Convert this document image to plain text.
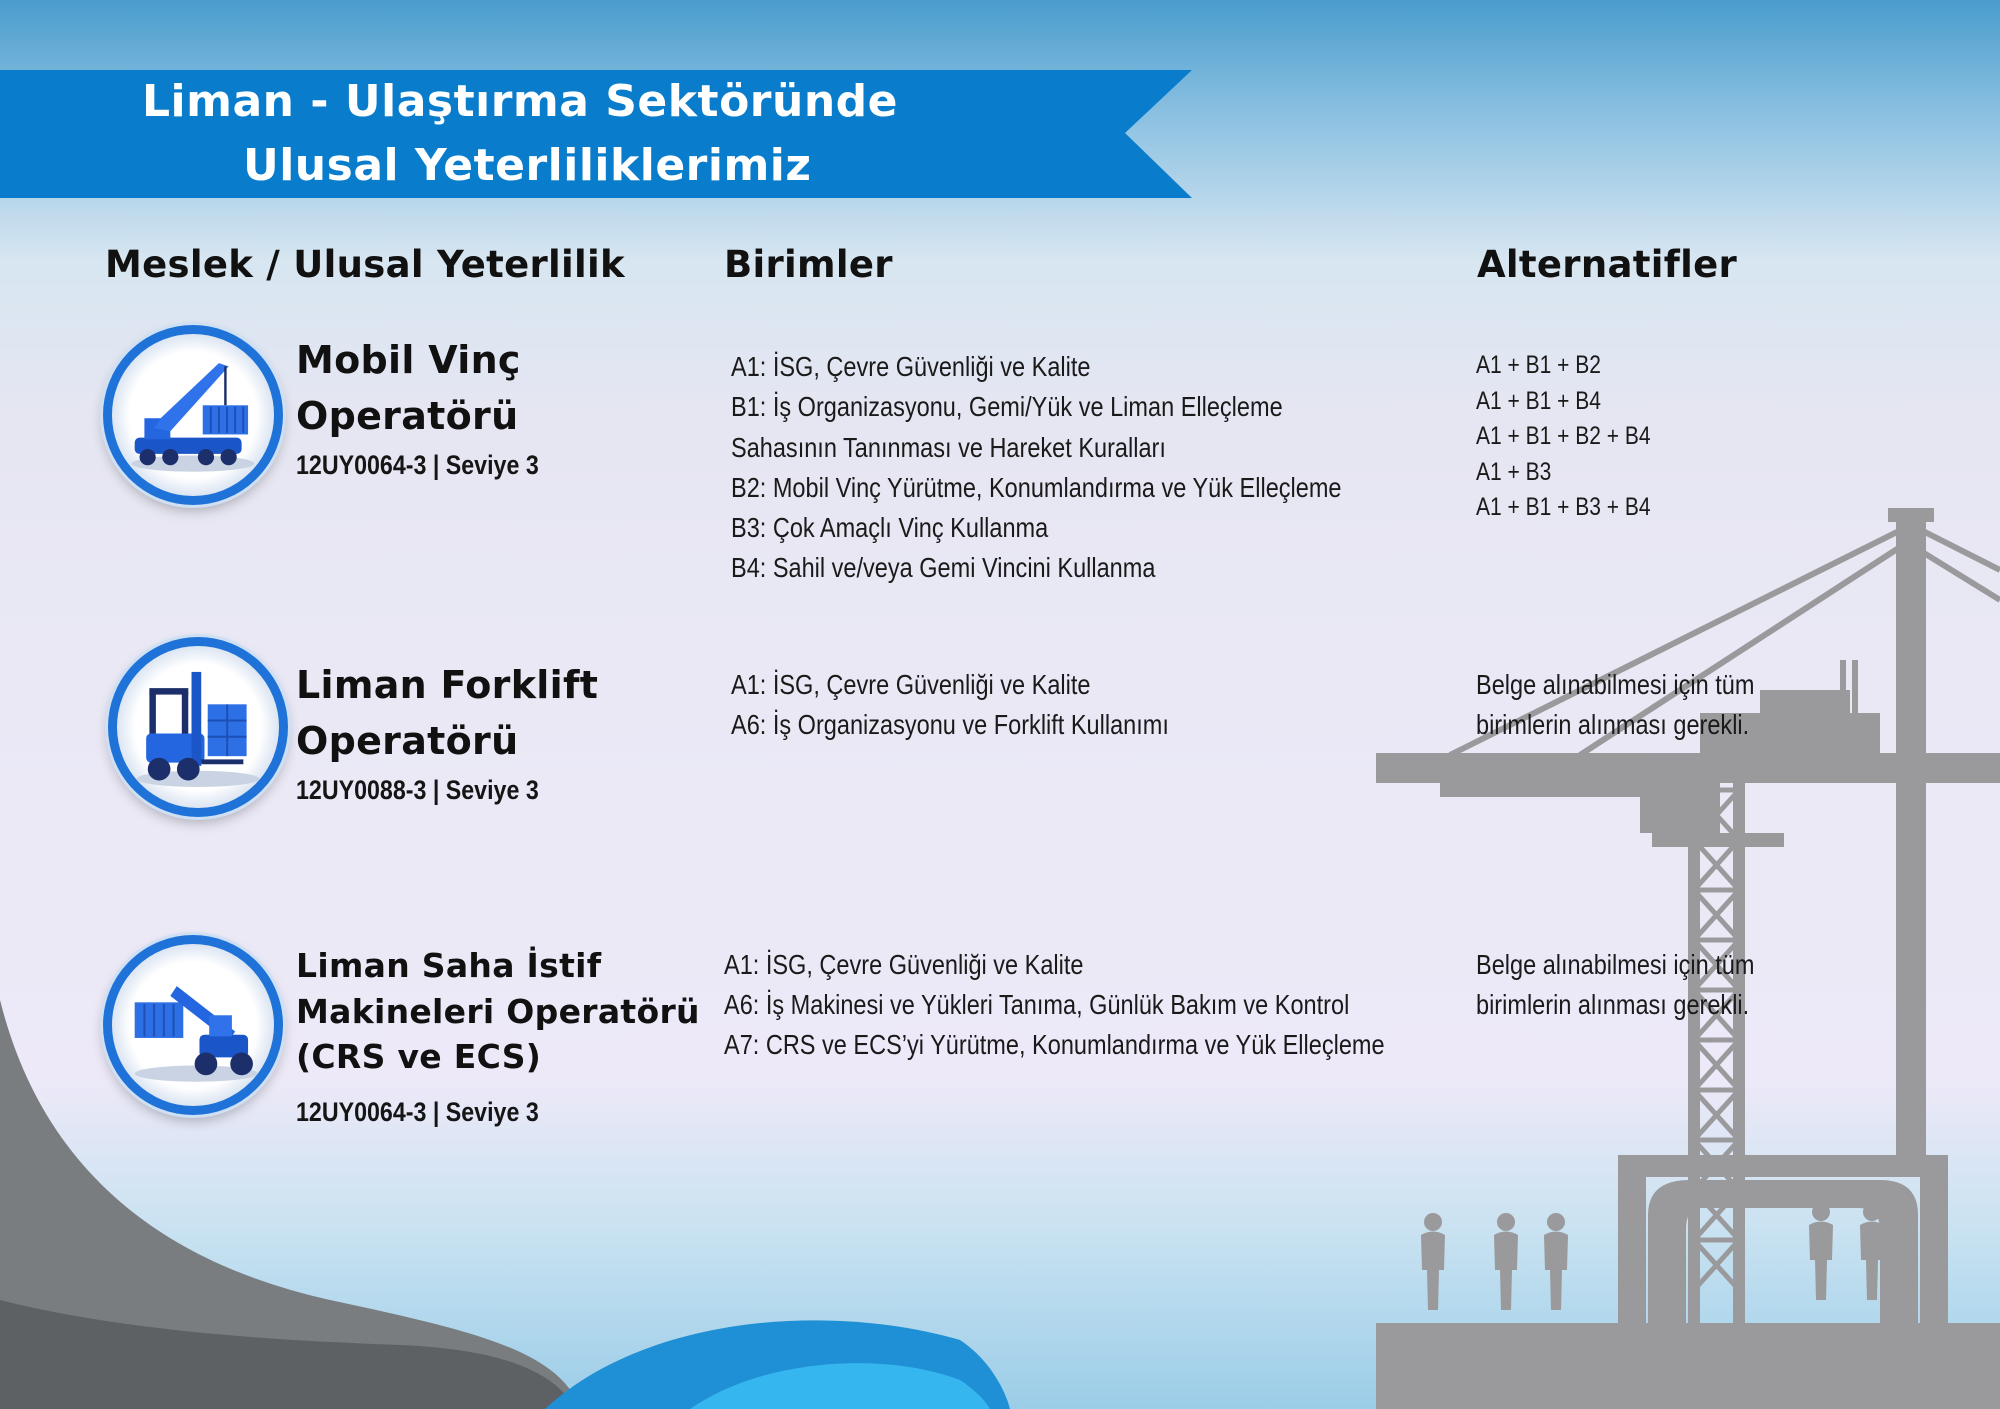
Liman - Ulaştırma Sektöründe
Ulusal Yeterliliklerimiz
Meslek / Ulusal Yeterlilik	Birimler	Alternatifler
Mobil Vinç
Operatörü
12UY0064-3 | Seviye 3
A1: İSG, Çevre Güvenliği ve Kalite
B1: İş Organizasyonu, Gemi/Yük ve Liman Elleçleme
Sahasının Tanınması ve Hareket Kuralları
B2: Mobil Vinç Yürütme, Konumlandırma ve Yük Elleçleme
B3: Çok Amaçlı Vinç Kullanma
B4: Sahil ve/veya Gemi Vincini Kullanma
A1 + B1 + B2
A1 + B1 + B4
A1 + B1 + B2 + B4
A1 + B3
A1 + B1 + B3 + B4
Liman Forklift
Operatörü
12UY0088-3 | Seviye 3
A1: İSG, Çevre Güvenliği ve Kalite
A6: İş Organizasyonu ve Forklift Kullanımı
Belge alınabilmesi için tüm
birimlerin alınması gerekli.
Liman Saha İstif
Makineleri Operatörü
(CRS ve ECS)
12UY0064-3 | Seviye 3
A1: İSG, Çevre Güvenliği ve Kalite
A6: İş Makinesi ve Yükleri Tanıma, Günlük Bakım ve Kontrol
A7: CRS ve ECS’yi Yürütme, Konumlandırma ve Yük Elleçleme
Belge alınabilmesi için tüm
birimlerin alınması gerekli.
